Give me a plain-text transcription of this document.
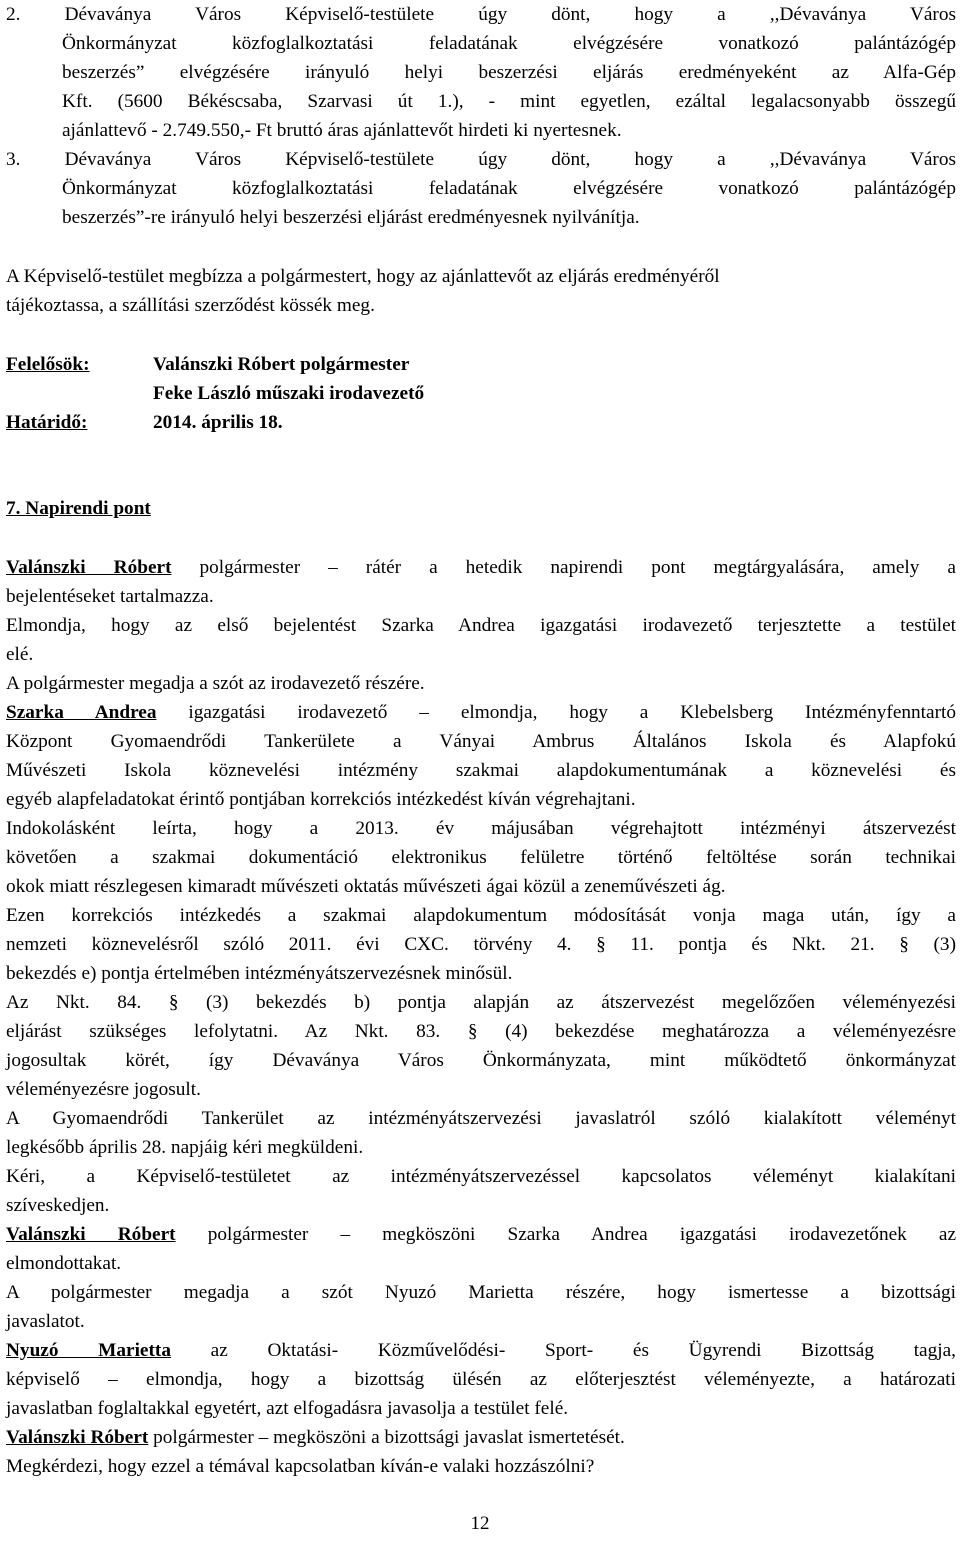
2. Dévaványa Város Képviselő-testülete úgy dönt, hogy a ,,Dévaványa Város
Önkormányzat közfoglalkoztatási feladatának elvégzésére vonatkozó palántázógép
beszerzés” elvégzésére irányuló helyi beszerzési eljárás eredményeként az Alfa-Gép
Kft. (5600 Békéscsaba, Szarvasi út 1.), - mint egyetlen, ezáltal legalacsonyabb összegű
ajánlattevő - 2.749.550,- Ft bruttó áras ajánlattevőt hirdeti ki nyertesnek.
3. Dévaványa Város Képviselő-testülete úgy dönt, hogy a ,,Dévaványa Város
Önkormányzat közfoglalkoztatási feladatának elvégzésére vonatkozó palántázógép
beszerzés”-re irányuló helyi beszerzési eljárást eredményesnek nyilvánítja.
A Képviselő-testület megbízza a polgármestert, hogy az ajánlattevőt az eljárás eredményéről
tájékoztassa, a szállítási szerződést kössék meg.
Felelősök:	Valánszki Róbert polgármester
Feke László műszaki irodavezető
Határidő:	2014. április 18.
7. Napirendi pont
Valánszki Róbert polgármester – rátér a hetedik napirendi pont megtárgyalására, amely a
bejelentéseket tartalmazza.
Elmondja, hogy az első bejelentést Szarka Andrea igazgatási irodavezető terjesztette a testület
elé.
A polgármester megadja a szót az irodavezető részére.
Szarka Andrea igazgatási irodavezető – elmondja, hogy a Klebelsberg Intézményfenntartó
Központ Gyomaendrődi Tankerülete a Ványai Ambrus Általános Iskola és Alapfokú
Művészeti Iskola köznevelési intézmény szakmai alapdokumentumának a köznevelési és
egyéb alapfeladatokat érintő pontjában korrekciós intézkedést kíván végrehajtani.
Indokolásként leírta, hogy a 2013. év májusában végrehajtott intézményi átszervezést
követően a szakmai dokumentáció elektronikus felületre történő feltöltése során technikai
okok miatt részlegesen kimaradt művészeti oktatás művészeti ágai közül a zeneművészeti ág.
Ezen korrekciós intézkedés a szakmai alapdokumentum módosítását vonja maga után, így a
nemzeti köznevelésről szóló 2011. évi CXC. törvény 4. § 11. pontja és Nkt. 21. § (3)
bekezdés e) pontja értelmében intézményátszervezésnek minősül.
Az Nkt. 84. § (3) bekezdés b) pontja alapján az átszervezést megelőzően véleményezési
eljárást szükséges lefolytatni. Az Nkt. 83. § (4) bekezdése meghatározza a véleményezésre
jogosultak körét, így Dévaványa Város Önkormányzata, mint működtető önkormányzat
véleményezésre jogosult.
A Gyomaendrődi Tankerület az intézményátszervezési javaslatról szóló kialakított véleményt
legkésőbb április 28. napjáig kéri megküldeni.
Kéri, a Képviselő-testületet az intézményátszervezéssel kapcsolatos véleményt kialakítani
szíveskedjen.
Valánszki Róbert polgármester – megköszöni Szarka Andrea igazgatási irodavezetőnek az
elmondottakat.
A polgármester megadja a szót Nyuzó Marietta részére, hogy ismertesse a bizottsági
javaslatot.
Nyuzó Marietta az Oktatási- Közművelődési- Sport- és Ügyrendi Bizottság tagja,
képviselő – elmondja, hogy a bizottság ülésén az előterjesztést véleményezte, a határozati
javaslatban foglaltakkal egyetért, azt elfogadásra javasolja a testület felé.
Valánszki Róbert polgármester – megköszöni a bizottsági javaslat ismertetését.
Megkérdezi, hogy ezzel a témával kapcsolatban kíván-e valaki hozzászólni?
12
